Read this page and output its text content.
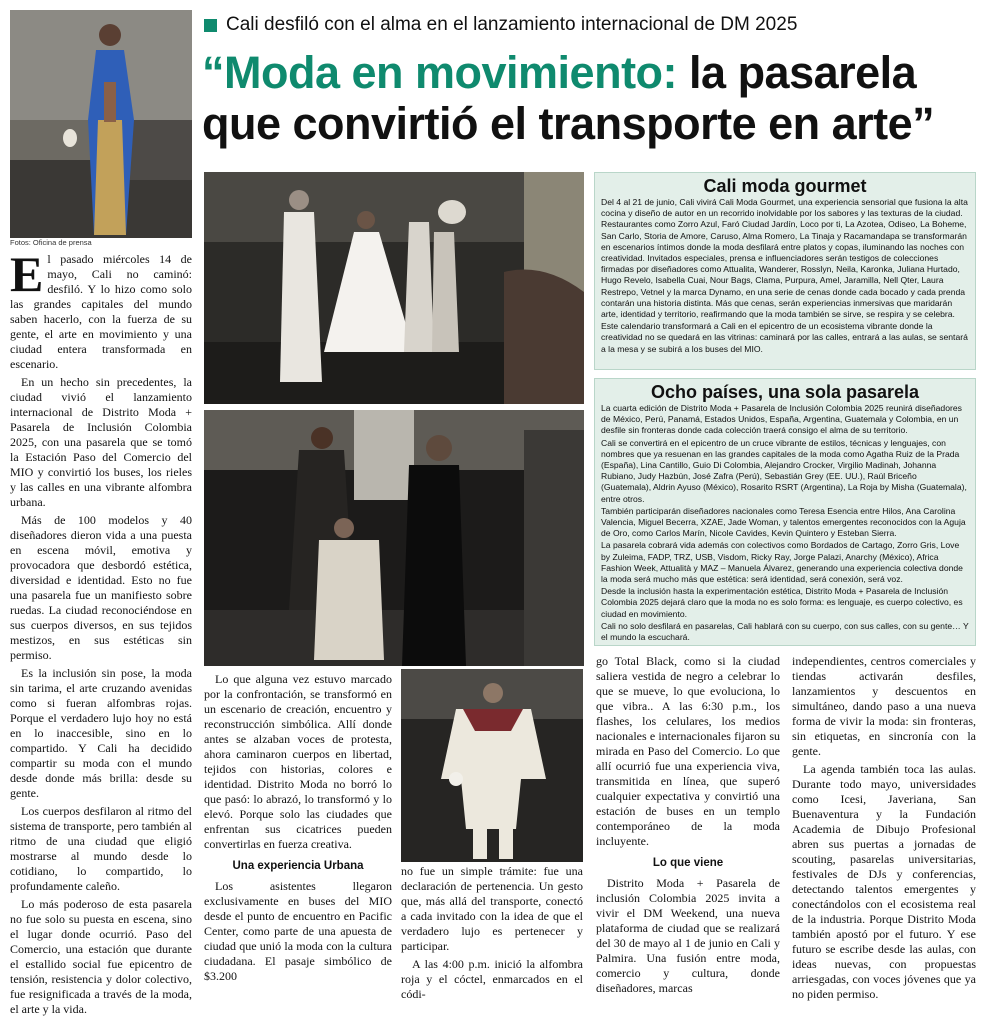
Cali desfiló con el alma en el lanzamiento internacional de DM 2025
“Moda en movimiento: la pasarela
que convirtió el transporte en arte”
Fotos: Oficina de prensa

El pasado miércoles 14 de mayo, Cali no caminó: desfiló. Y lo hizo como solo las grandes capitales del mundo saben hacerlo, con la fuerza de su gente, el arte en movimiento y una ciudad entera transformada en escenario.

En un hecho sin precedentes, la ciudad vivió el lanzamiento internacional de Distrito Moda + Pasarela de Inclusión Colombia 2025, con una pasarela que se tomó la Estación Paso del Comercio del MIO y convirtió los buses, los rieles y las calles en una vibrante alfombra urbana.

Más de 100 modelos y 40 diseñadores dieron vida a una puesta en escena móvil, emotiva y provocadora que desbordó estética, diversidad e identidad. Esto no fue una pasarela fue un manifiesto sobre ruedas. La ciudad reconociéndose en sus cuerpos diversos, en sus tejidos mestizos, en sus estéticas sin permiso.

Es la inclusión sin pose, la moda sin tarima, el arte cruzando avenidas como si fueran alfombras rojas. Porque el verdadero lujo hoy no está en lo inaccesible, sino en lo compartido. Y Cali ha decidido compartir su moda con el mundo desde donde más brilla: desde su gente.

Los cuerpos desfilaron al ritmo del sistema de transporte, pero también al ritmo de una ciudad que eligió mostrarse al mundo desde lo cotidiano, lo compartido, lo profundamente caleño.

Lo más poderoso de esta pasarela no fue solo su puesta en escena, sino el lugar donde ocurrió. Paso del Comercio, una estación que durante el estallido social fue epicentro de tensión, resistencia y dolor colectivo, fue resignificada a través de la moda, el arte y la vida.

Lo que alguna vez estuvo marcado por la confrontación, se transformó en un escenario de creación, encuentro y reconstrucción simbólica. Allí donde antes se alzaban voces de protesta, ahora caminaron cuerpos en libertad, tejidos con historias, colores e identidad. Distrito Moda no borró lo que pasó: lo abrazó, lo transformó y lo elevó. Porque solo las ciudades que enfrentan sus cicatrices pueden convertirlas en fuerza creativa.

Una experiencia Urbana

Los asistentes llegaron exclusivamente en buses del MIO desde el punto de encuentro en Pacific Center, como parte de una apuesta de ciudad que unió la moda con la cultura ciudadana. El pasaje simbólico de $3.200

no fue un simple trámite: fue una declaración de pertenencia. Un gesto que, más allá del transporte, conectó a cada invitado con la idea de que el verdadero lujo es pertenecer y participar.

A las 4:00 p.m. inició la alfombra roja y el cóctel, enmarcados en el códi-

go Total Black, como si la ciudad saliera vestida de negro a celebrar lo que se mueve, lo que evoluciona, lo que vibra.. A las 6:30 p.m., los flashes, los celulares, los medios nacionales e internacionales fijaron su mirada en Paso del Comercio. Lo que allí ocurrió fue una experiencia viva, transmitida en línea, que superó cualquier expectativa y convirtió una estación de buses en un templo contemporáneo de la moda incluyente.

Lo que viene

Distrito Moda + Pasarela de inclusión Colombia 2025 invita a vivir el DM Weekend, una nueva plataforma de ciudad que se realizará del 30 de mayo al 1 de junio en Cali y Palmira. Una fusión entre moda, comercio y cultura, donde diseñadores, marcas

independientes, centros comerciales y tiendas activarán desfiles, lanzamientos y descuentos en simultáneo, dando paso a una nueva forma de vivir la moda: sin fronteras, sin etiquetas, en sincronía con la gente.

La agenda también toca las aulas. Durante todo mayo, universidades como Icesi, Javeriana, San Buenaventura y la Fundación Academia de Dibujo Profesional abren sus puertas a jornadas de scouting, pasarelas universitarias, festivales de DJs y conferencias, detectando talentos emergentes y conectándolos con el ecosistema real de la industria. Porque Distrito Moda también apostó por el futuro. Y ese futuro se escribe desde las aulas, con ideas nuevas, con propuestas arriesgadas, con voces jóvenes que ya no piden permiso.

Cali moda gourmet

Del 4 al 21 de junio, Cali vivirá Cali Moda Gourmet, una experiencia sensorial que fusiona la alta cocina y diseño de autor en un recorrido inolvidable por los sabores y las texturas de la ciudad. Restaurantes como Zorro Azul, Faró Ciudad Jardín, Loco por ti, La Azotea, Odiseo, La Boheme, San Carlo, Storia de Amore, Caruso, Alma Romero, La Tinaja y Racamandapa se transformarán en escenarios íntimos donde la moda desfilará entre platos y copas, iluminando las noches con creatividad. Invitados especiales, prensa e influenciadores serán testigos de colecciones firmadas por diseñadores como Attualita, Wanderer, Rosslyn, Neila, Karonka, Juliana Hurtado, Hugo Revelo, Isabella Cuai, Nour Bags, Clama, Purpura, Amel, Jaramilla, Nell Qter, Laura Restrepo, Vetnel y la marca Dynamo, en una serie de cenas donde cada bocado y cada prenda contarán una historia distinta. Más que cenas, serán experiencias inmersivas que maridarán arte, identidad y territorio, reafirmando que la moda también se sirve, se respira y se celebra.

Este calendario transformará a Cali en el epicentro de un ecosistema vibrante donde la creatividad no se quedará en las vitrinas: caminará por las calles, entrará a las aulas, se sentará a la mesa y se subirá a los buses del MIO.

Ocho países, una sola pasarela

La cuarta edición de Distrito Moda + Pasarela de Inclusión Colombia 2025 reunirá diseñadores de México, Perú, Panamá, Estados Unidos, España, Argentina, Guatemala y Colombia, en un desfile sin fronteras donde cada colección traerá consigo el alma de su territorio.

Cali se convertirá en el epicentro de un cruce vibrante de estilos, técnicas y lenguajes, con nombres que ya resuenan en las grandes capitales de la moda como Agatha Ruiz de la Prada (España), Lina Cantillo, Guio Di Colombia, Alejandro Crocker, Virgilio Madinah, Johanna Rubiano, Judy Hazbún, José Zafra (Perú), Sebastián Grey (EE. UU.), Raúl Briceño (Guatemala), Aldrin Ayuso (México), Rosarito RSRT (Argentina), La Roja by Misha (Guatemala), entre otros.

También participarán diseñadores nacionales como Teresa Esencia entre Hilos, Ana Carolina Valencia, Miguel Becerra, XZAE, Jade Woman, y talentos emergentes reconocidos con la Aguja de Oro, como Carlos Marín, Nicole Cavides, Kevin Quintero y Esteban Sierra.

La pasarela cobrará vida además con colectivos como Bordados de Cartago, Zorro Gris, Love by Zuleima, FADP, TRZ, USB, Visdom, Ricky Ray, Jorge Palazi, Anarchy (México), Africa Fashion Week, Attualità y MAZ – Manuela Álvarez, generando una experiencia colectiva donde la moda será mucho más que estética: será identidad, será conexión, será voz.

Desde la inclusión hasta la experimentación estética, Distrito Moda + Pasarela de Inclusión Colombia 2025 dejará claro que la moda no es solo forma: es lenguaje, es cuerpo colectivo, es ciudad en movimiento.

Cali no solo desfilará en pasarelas, Cali hablará con su cuerpo, con sus calles, con su gente… Y el mundo la escuchará.
